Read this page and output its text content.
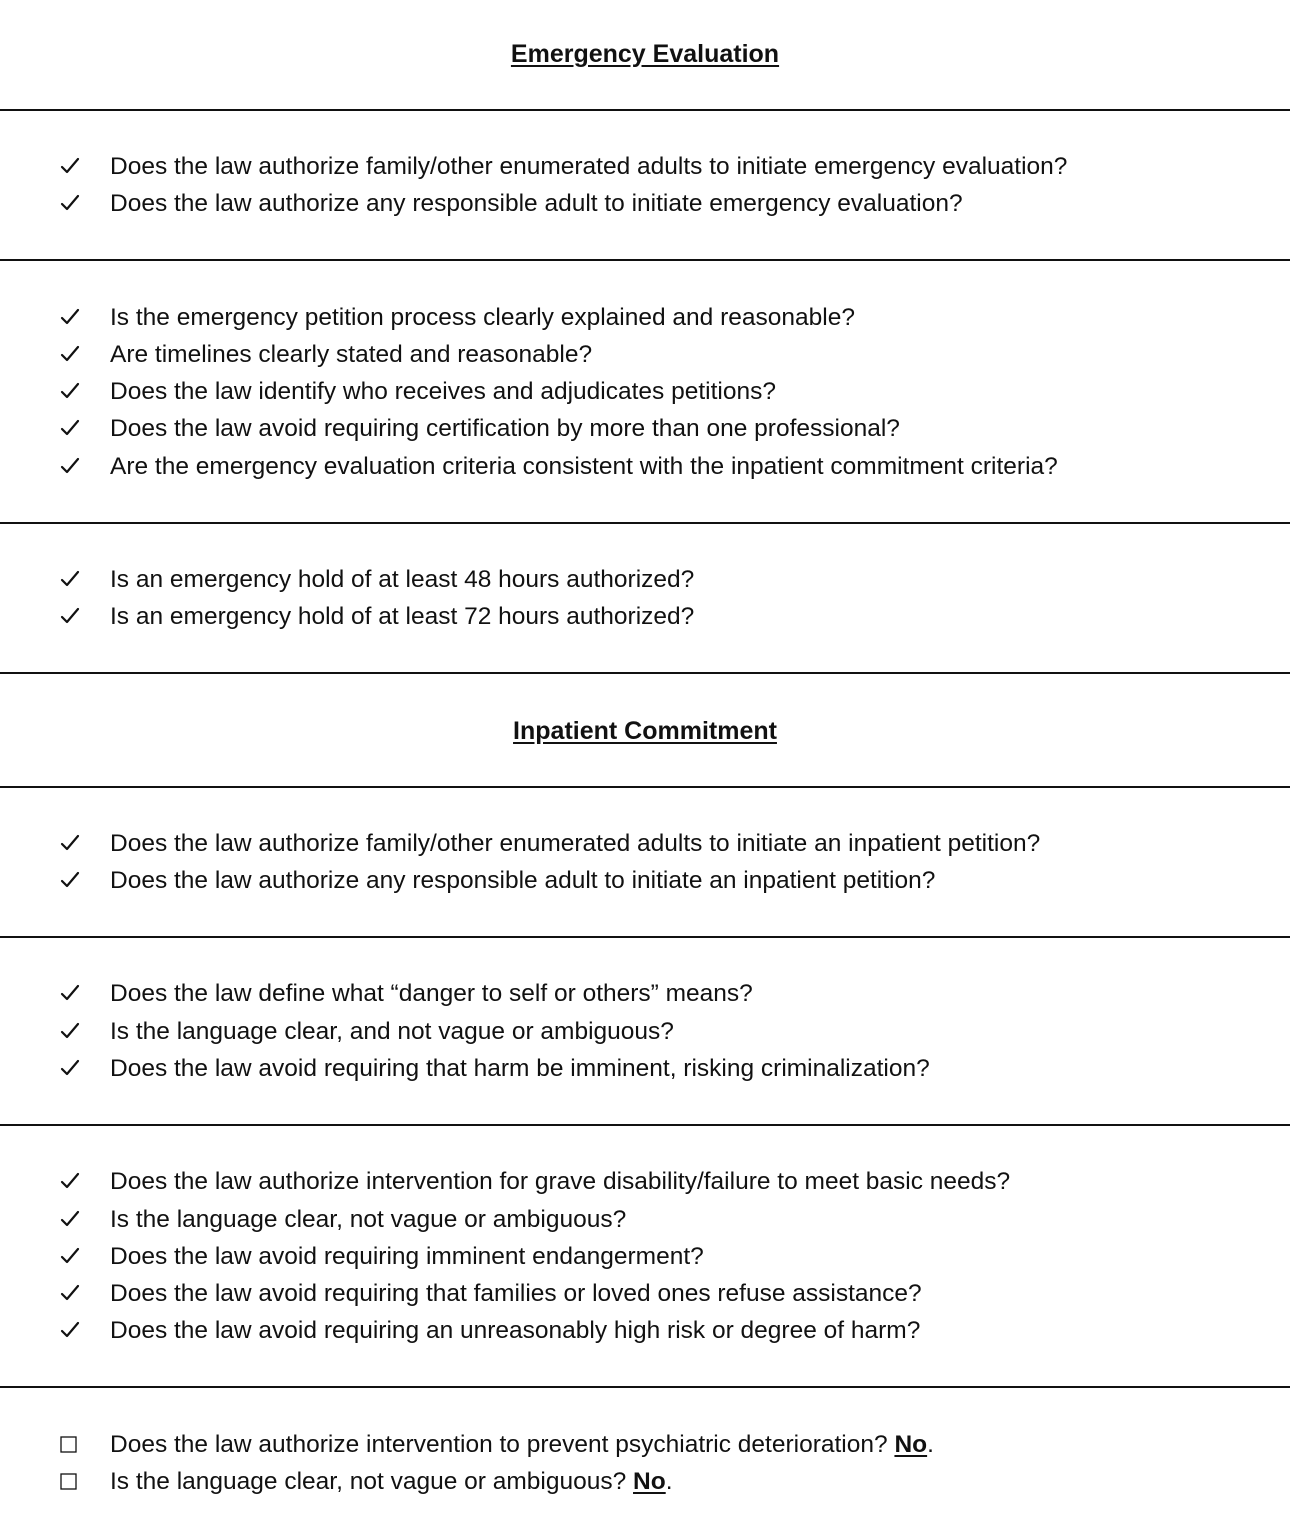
Emergency Evaluation
Does the law authorize family/other enumerated adults to initiate emergency evaluation?
Does the law authorize any responsible adult to initiate emergency evaluation?
Is the emergency petition process clearly explained and reasonable?
Are timelines clearly stated and reasonable?
Does the law identify who receives and adjudicates petitions?
Does the law avoid requiring certification by more than one professional?
Are the emergency evaluation criteria consistent with the inpatient commitment criteria?
Is an emergency hold of at least 48 hours authorized?
Is an emergency hold of at least 72 hours authorized?
Inpatient Commitment
Does the law authorize family/other enumerated adults to initiate an inpatient petition?
Does the law authorize any responsible adult to initiate an inpatient petition?
Does the law define what “danger to self or others” means?
Is the language clear, and not vague or ambiguous?
Does the law avoid requiring that harm be imminent, risking criminalization?
Does the law authorize intervention for grave disability/failure to meet basic needs?
Is the language clear, not vague or ambiguous?
Does the law avoid requiring imminent endangerment?
Does the law avoid requiring that families or loved ones refuse assistance?
Does the law avoid requiring an unreasonably high risk or degree of harm?
Does the law authorize intervention to prevent psychiatric deterioration? No.
Is the language clear, not vague or ambiguous? No.
